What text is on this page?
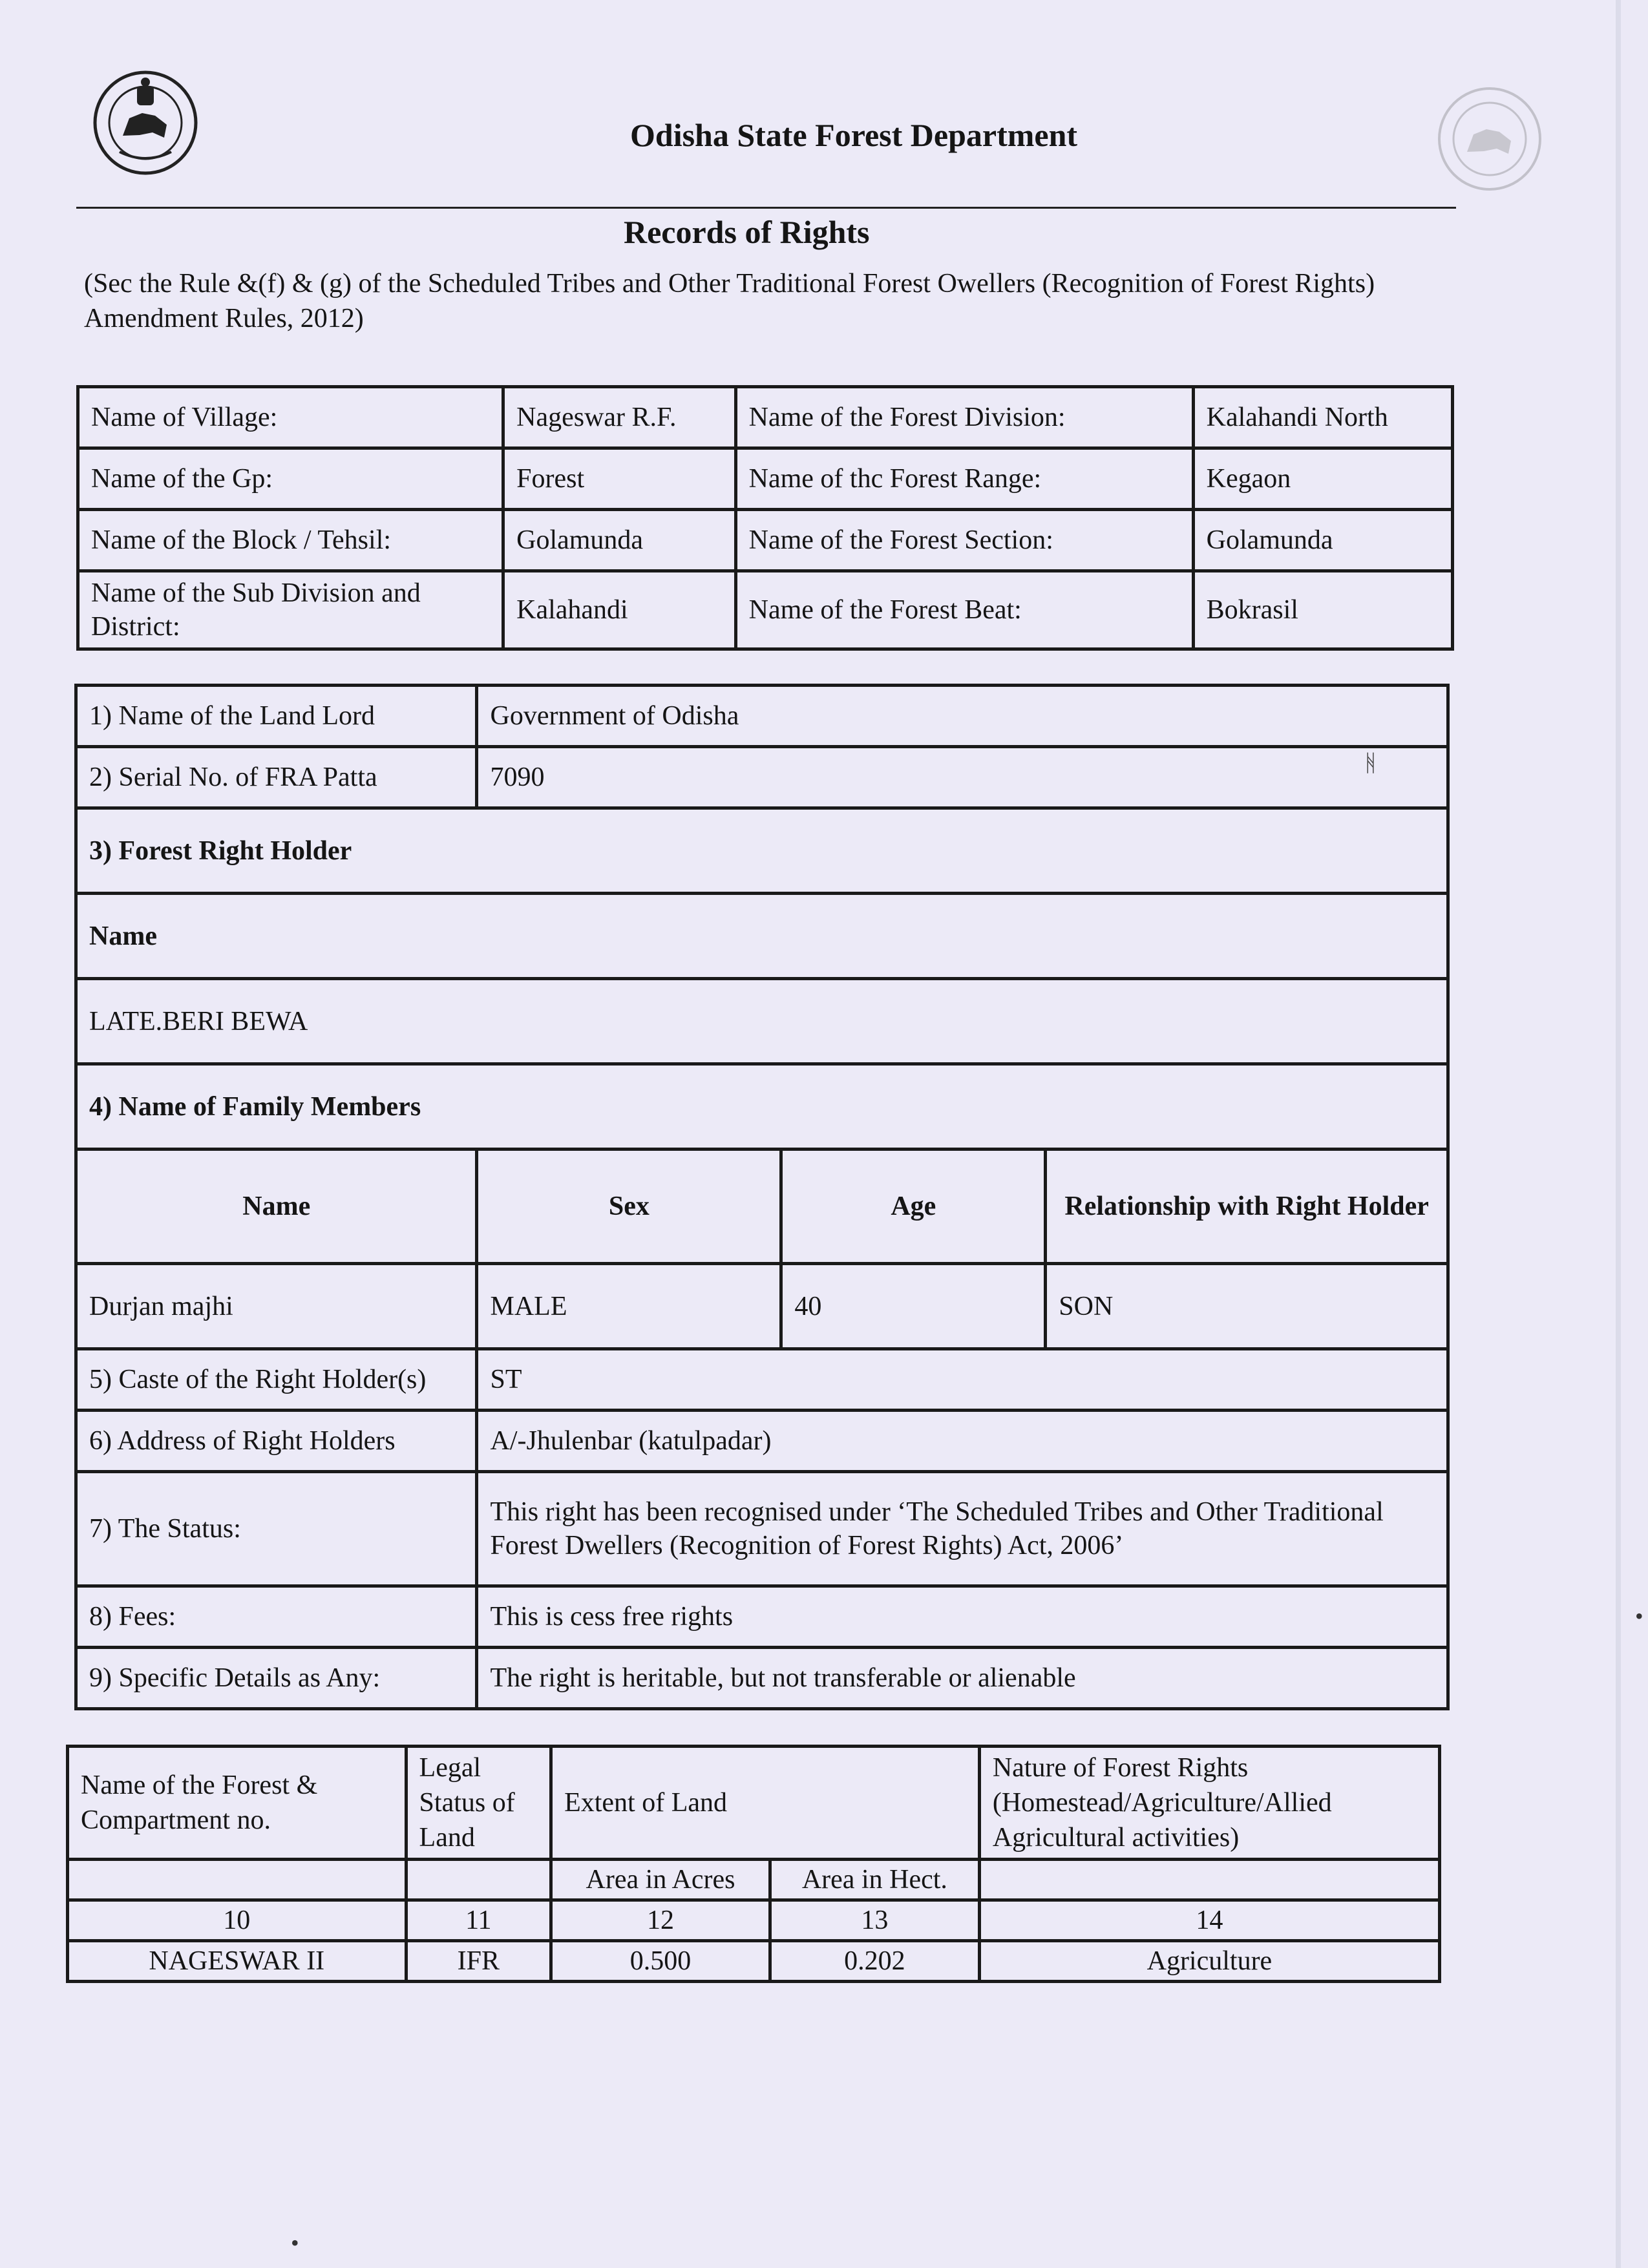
Odisha State Forest Department
Records of Rights
(Sec the Rule &(f) & (g) of the Scheduled Tribes and Other Traditional Forest Owellers (Recognition of Forest Rights) Amendment Rules, 2012)
Name of Village:	Nageswar R.F.	Name of the Forest Division:	Kalahandi North
Name of the Gp:	Forest	Name of thc Forest Range:	Kegaon
Name of the Block / Tehsil:	Golamunda	Name of the Forest Section:	Golamunda
Name of the Sub Division and District:	Kalahandi	Name of the Forest Beat:	Bokrasil
1) Name of the Land Lord	Government of Odisha		
2) Serial No. of FRA Patta	7090		
3) Forest Right Holder			
Name			
LATE.BERI BEWA			
4) Name of Family Members			
Name	Sex	Age	Relationship with Right Holder
Durjan majhi	MALE	40	SON
5) Caste of the Right Holder(s)	ST		
6) Address of Right Holders	A/-Jhulenbar (katulpadar)		
7) The Status:	This right has been recognised under ‘The Scheduled Tribes and Other Traditional Forest Dwellers (Recognition of Forest Rights) Act, 2006’		
8) Fees:	This is cess free rights		
9) Specific Details as Any:	The right is heritable, but not transferable or alienable		
Name of the Forest & Compartment no.	Legal Status of Land	Extent of Land		Nature of Forest Rights (Homestead/Agriculture/Allied Agricultural activities)
		Area in Acres	Area in Hect.	
10	11	12	13	14
NAGESWAR II	IFR	0.500	0.202	Agriculture
ᚻ
•
•
